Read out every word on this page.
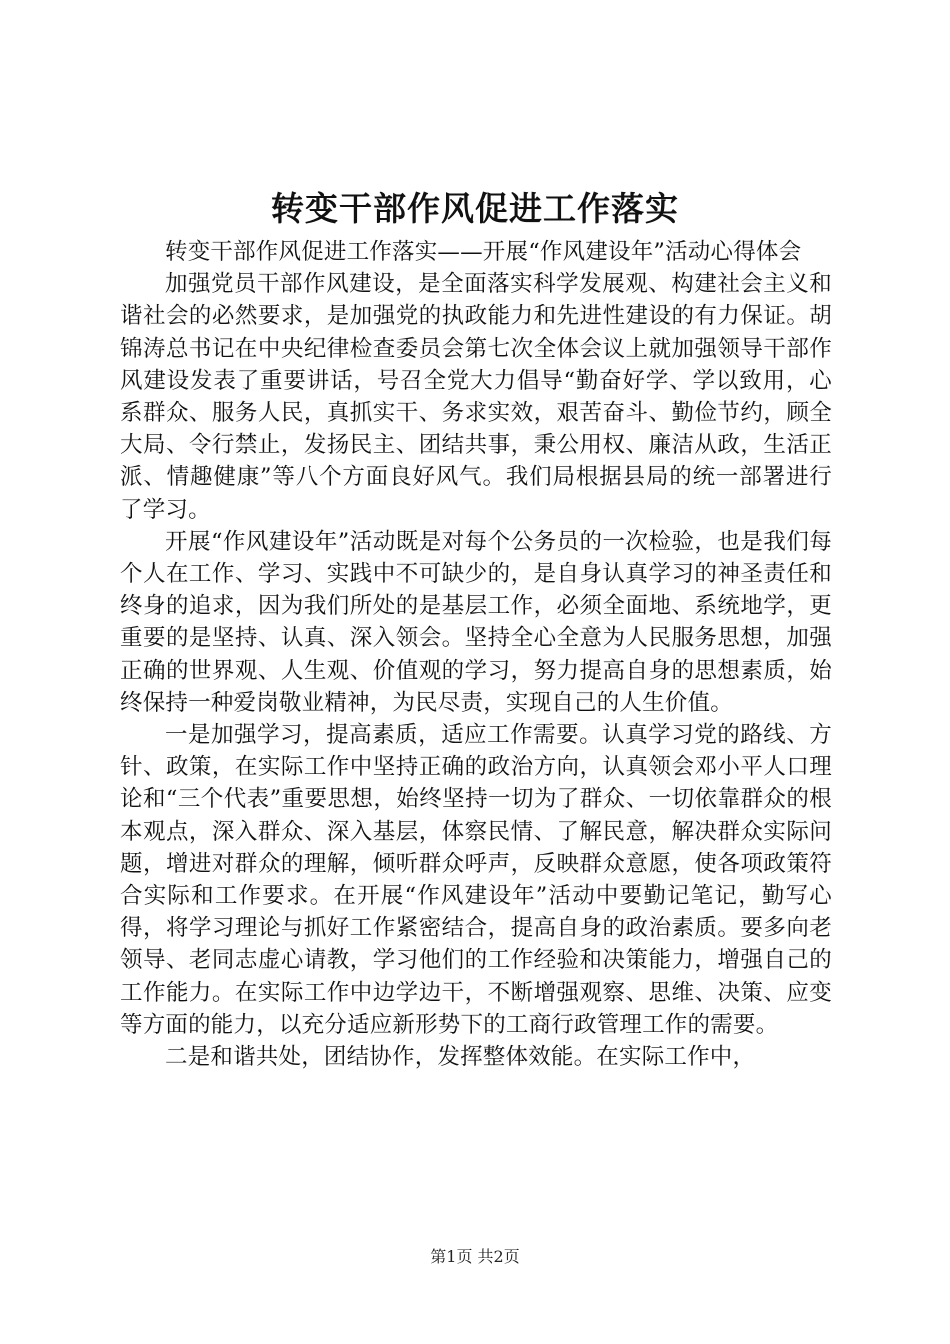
转变干部作风促进工作落实

转变干部作风促进工作落实——开展“作风建设年”活动心得体会

加强党员干部作风建设，是全面落实科学发展观、构建社会主义和谐社会的必然要求，是加强党的执政能力和先进性建设的有力保证。胡锦涛总书记在中央纪律检查委员会第七次全体会议上就加强领导干部作风建设发表了重要讲话，号召全党大力倡导“勤奋好学、学以致用，心系群众、服务人民，真抓实干、务求实效，艰苦奋斗、勤俭节约，顾全大局、令行禁止，发扬民主、团结共事，秉公用权、廉洁从政，生活正派、情趣健康”等八个方面良好风气。我们局根据县局的统一部署进行了学习。

开展“作风建设年”活动既是对每个公务员的一次检验，也是我们每个人在工作、学习、实践中不可缺少的，是自身认真学习的神圣责任和终身的追求，因为我们所处的是基层工作，必须全面地、系统地学，更重要的是坚持、认真、深入领会。坚持全心全意为人民服务思想，加强正确的世界观、人生观、价值观的学习，努力提高自身的思想素质，始终保持一种爱岗敬业精神，为民尽责，实现自己的人生价值。

一是加强学习，提高素质，适应工作需要。认真学习党的路线、方针、政策，在实际工作中坚持正确的政治方向，认真领会邓小平人口理论和“三个代表”重要思想，始终坚持一切为了群众、一切依靠群众的根本观点，深入群众、深入基层，体察民情、了解民意，解决群众实际问题，增进对群众的理解，倾听群众呼声，反映群众意愿，使各项政策符合实际和工作要求。在开展“作风建设年”活动中要勤记笔记，勤写心得，将学习理论与抓好工作紧密结合，提高自身的政治素质。要多向老领导、老同志虚心请教，学习他们的工作经验和决策能力，增强自己的工作能力。在实际工作中边学边干，不断增强观察、思维、决策、应变等方面的能力，以充分适应新形势下的工商行政管理工作的需要。

二是和谐共处，团结协作，发挥整体效能。在实际工作中，

第1页 共2页
